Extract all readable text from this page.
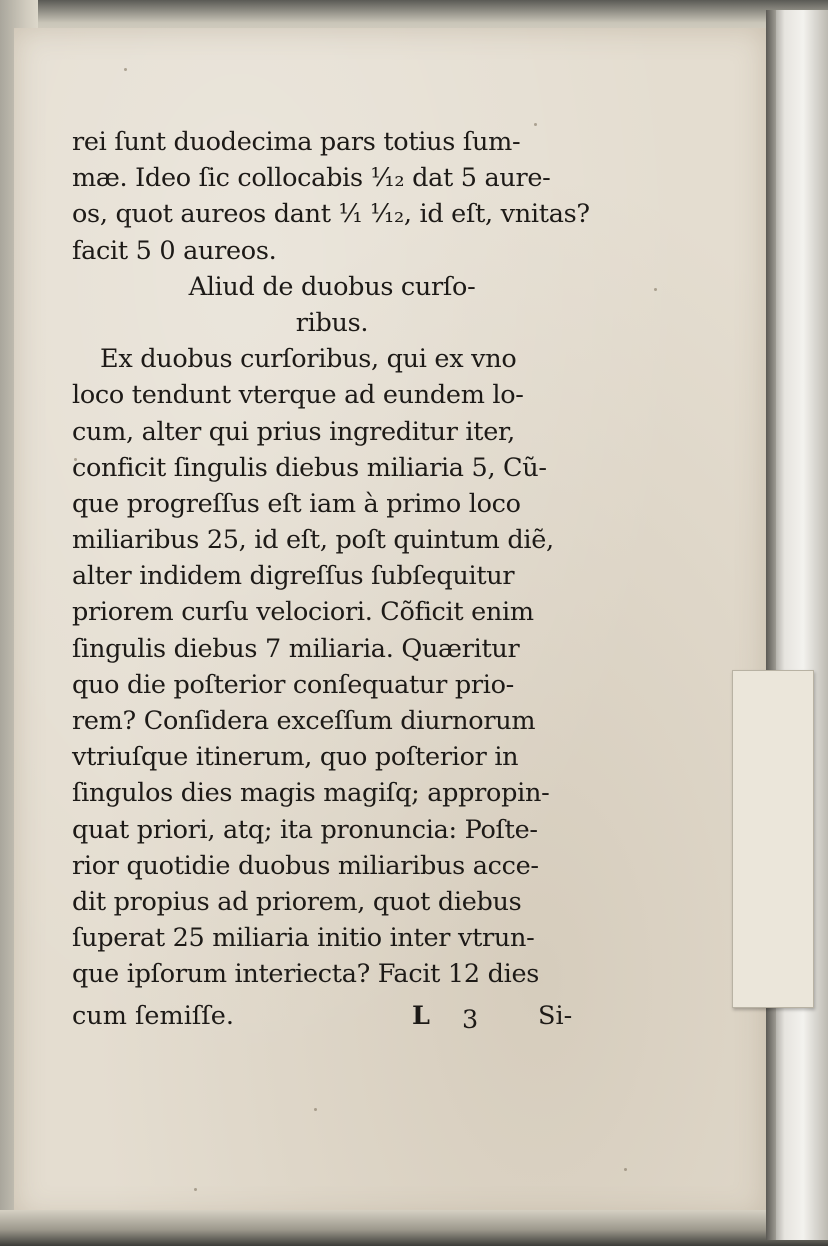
rei ſunt duodecima pars totius ſum-
mæ. Ideo ſic collocabis ¹⁄₁₂ dat 5 aure-
os, quot aureos dant ¹⁄₁ ¹⁄₁₂, id eſt, vnitas?
facit 5 0 aureos.
Aliud de duobus curſo-
ribus.
Ex duobus curſoribus, qui ex vno
loco tendunt vterque ad eundem lo-
cum, alter qui prius ingreditur iter,
conficit ſingulis diebus miliaria 5, Cũ-
que progreſſus eſt iam à primo loco
miliaribus 25, id eſt, poſt quintum diẽ,
alter indidem digreſſus ſubſequitur
priorem curſu velociori. Cõficit enim
ſingulis diebus 7 miliaria. Quæritur
quo die poſterior conſequatur prio-
rem? Conſidera exceſſum diurnorum
vtriuſque itinerum, quo poſterior in
ſingulos dies magis magiſq; appropin-
quat priori, atq; ita pronuncia: Poſte-
rior quotidie duobus miliaribus acce-
dit propius ad priorem, quot diebus
ſuperat 25 miliaria initio inter vtrun-
que ipſorum interiecta? Facit 12 dies
cum ſemiſſe.	L 3 Si-
